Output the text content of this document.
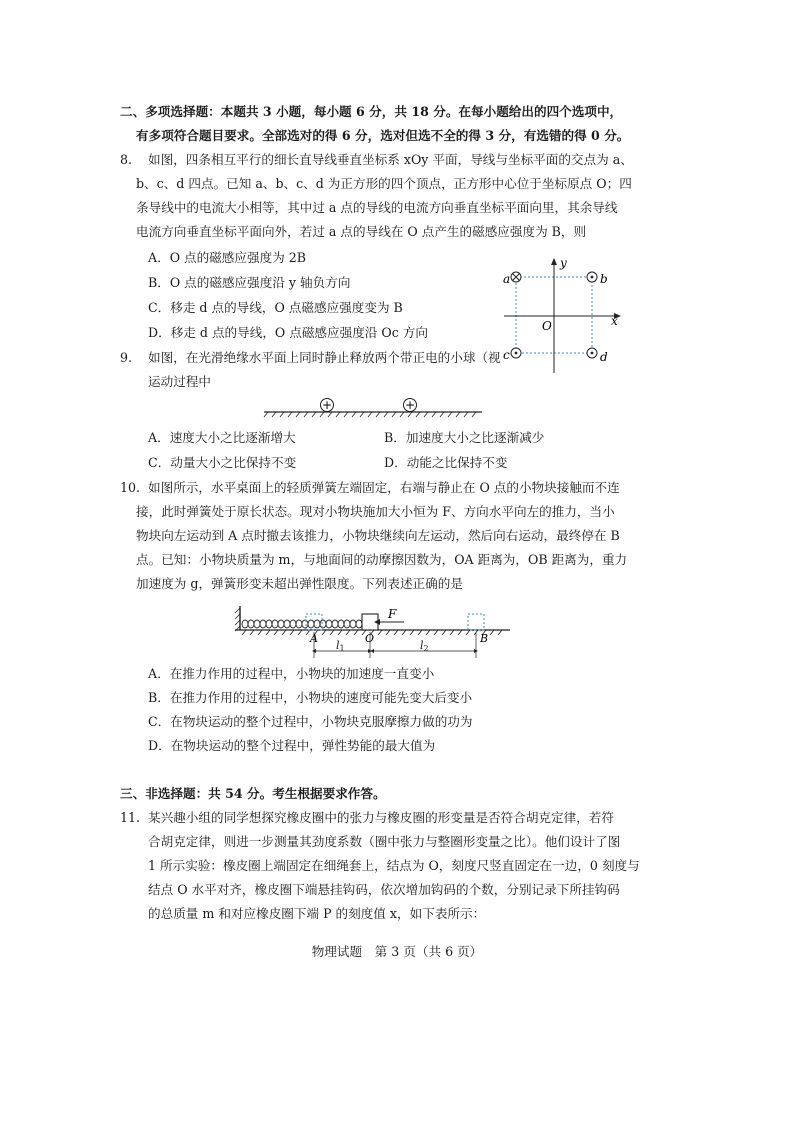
二、多项选择题：本题共 3 小题，每小题 6 分，共 18 分。在每小题给出的四个选项中，
有多项符合题目要求。全部选对的得 6 分，选对但选不全的得 3 分，有选错的得 0 分。
8. 如图，四条相互平行的细长直导线垂直坐标系 xOy 平面，导线与坐标平面的交点为 a、
b、c、d 四点。已知 a、b、c、d 为正方形的四个顶点，正方形中心位于坐标原点 O；四
条导线中的电流大小相等，其中过 a 点的导线的电流方向垂直坐标平面向里，其余导线
电流方向垂直坐标平面向外，若过 a 点的导线在 O 点产生的磁感应强度为 B，则
A．O 点的磁感应强度为 2B
B．O 点的磁感应强度沿 y 轴负方向
C．移走 d 点的导线，O 点磁感应强度变为 B
D．移走 d 点的导线，O 点磁感应强度沿 Oc 方向
x
y
O
a	b
c	d
9. 如图，在光滑绝缘水平面上同时静止释放两个带正电的小球（视
运动过程中
+	+
A．速度大小之比逐渐增大	B．加速度大小之比逐渐减少
C．动量大小之比保持不变	D．动能之比保持不变
10. 如图所示，水平桌面上的轻质弹簧左端固定，右端与静止在 O 点的小物块接触而不连
接，此时弹簧处于原长状态。现对小物块施加大小恒为 F、方向水平向左的推力，当小
物块向左运动到 A 点时撤去该推力，小物块继续向左运动，然后向右运动，最终停在 B
点。已知：小物块质量为 m，与地面间的动摩擦因数为，OA 距离为，OB 距离为，重力
加速度为 g，弹簧形变未超出弹性限度。下列表述正确的是
F
A	O	B
l1	l2
A．在推力作用的过程中，小物块的加速度一直变小
B．在推力作用的过程中，小物块的速度可能先变大后变小
C．在物块运动的整个过程中，小物块克服摩擦力做的功为
D．在物块运动的整个过程中，弹性势能的最大值为
三、非选择题：共 54 分。考生根据要求作答。
11. 某兴趣小组的同学想探究橡皮圈中的张力与橡皮圈的形变量是否符合胡克定律，若符
合胡克定律，则进一步测量其劲度系数（圈中张力与整圈形变量之比）。他们设计了图
1 所示实验：橡皮圈上端固定在细绳套上，结点为 O，刻度尺竖直固定在一边，0 刻度与
结点 O 水平对齐，橡皮圈下端悬挂钩码，依次增加钩码的个数，分别记录下所挂钩码
的总质量 m 和对应橡皮圈下端 P 的刻度值 x，如下表所示：
物理试题　第 3 页（共 6 页）
